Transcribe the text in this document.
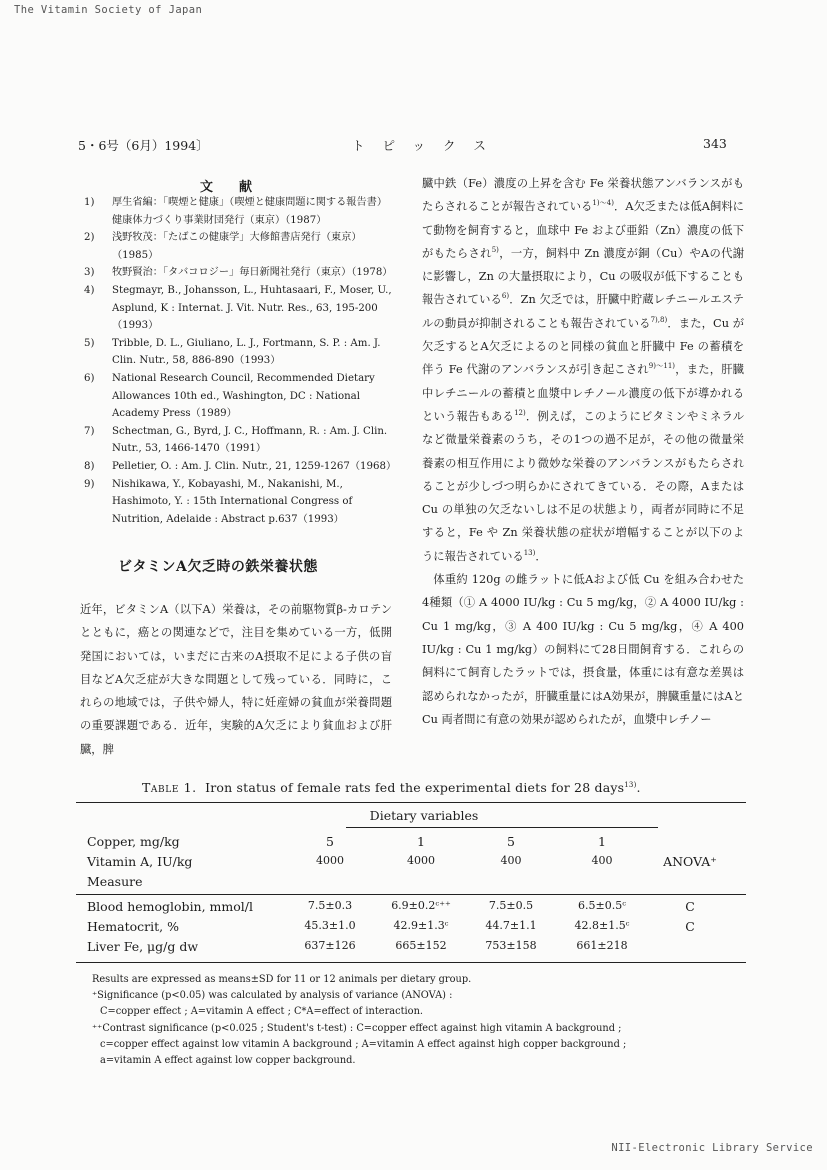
The Vitamin Society of Japan
5・6号（6月）1994〕	トピックス	343
文献
1) 厚生省編：「喫煙と健康」（喫煙と健康問題に関する報告書）健康体力づくり事業財団発行（東京）（1987）
2) 浅野牧茂：「たばこの健康学」大修館書店発行（東京）（1985）
3) 牧野賢治：「タバコロジー」毎日新聞社発行（東京）（1978）
4) Stegmayr, B., Johansson, L., Huhtasaari, F., Moser, U., Asplund, K : Internat. J. Vit. Nutr. Res., 63, 195-200（1993）
5) Tribble, D. L., Giuliano, L. J., Fortmann, S. P. : Am. J. Clin. Nutr., 58, 886-890（1993）
6) National Research Council, Recommended Dietary Allowances 10th ed., Washington, DC : National Academy Press（1989）
7) Schectman, G., Byrd, J. C., Hoffmann, R. : Am. J. Clin. Nutr., 53, 1466-1470（1991）
8) Pelletier, O. : Am. J. Clin. Nutr., 21, 1259-1267（1968）
9) Nishikawa, Y., Kobayashi, M., Nakanishi, M., Hashimoto, Y. : 15th International Congress of Nutrition, Adelaide : Abstract p.637（1993）
ビタミンA欠乏時の鉄栄養状態

近年，ビタミンA（以下A）栄養は，その前駆物質β-カロテンとともに，癌との関連などで，注目を集めている一方，低開発国においては，いまだに古来のA摂取不足による子供の盲目などA欠乏症が大きな問題として残っている．同時に，これらの地域では，子供や婦人，特に妊産婦の貧血が栄養問題の重要課題である．近年，実験的A欠乏により貧血および肝臓，脾

臓中鉄（Fe）濃度の上昇を含む Fe 栄養状態アンバランスがもたらされることが報告されている$^{1)〜4)}$．A欠乏または低A飼料にて動物を飼育すると，血球中 Fe および亜鉛（Zn）濃度の低下がもたらされ$^{5)}$，一方，飼料中 Zn 濃度が銅（Cu）やAの代謝に影響し，Zn の大量摂取により，Cu の吸収が低下することも報告されている$^{6)}$．Zn 欠乏では，肝臓中貯蔵レチニールエステルの動員が抑制されることも報告されている$^{7),8)}$．また，Cu が欠乏するとA欠乏によるのと同様の貧血と肝臓中 Fe の蓄積を伴う Fe 代謝のアンバランスが引き起こされ$^{9)〜11)}$，また，肝臓中レチニールの蓄積と血漿中レチノール濃度の低下が導かれるという報告もある$^{12)}$．例えば，このようにビタミンやミネラルなど微量栄養素のうち，その1つの過不足が，その他の微量栄養素の相互作用により微妙な栄養のアンバランスがもたらされることが少しづつ明らかにされてきている．その際，AまたはCu の単独の欠乏ないしは不足の状態より，両者が同時に不足すると，Fe や Zn 栄養状態の症状が増幅することが以下のように報告されている$^{13)}$．

体重約 120g の雌ラットに低Aおよび低 Cu を組み合わせた4種類（① A 4000 IU/kg : Cu 5 mg/kg，② A 4000 IU/kg : Cu 1 mg/kg，③ A 400 IU/kg : Cu 5 mg/kg，④ A 400 IU/kg : Cu 1 mg/kg）の飼料にて28日間飼育する．これらの飼料にて飼育したラットでは，摂食量，体重には有意な差異は認められなかったが，肝臓重量にはA効果が，脾臓重量にはAと Cu 両者間に有意の効果が認められたが，血漿中レチノー

Table 1. Iron status of female rats fed the experimental diets for 28 days$^{13)}$.
Dietary variables
Copper, mg/kg	5	1	5	1
Vitamin A, IU/kg	4000	4000	400	400	ANOVA⁺
Measure
Blood hemoglobin, mmol/l	7.5±0.3	6.9±0.2ᶜ⁺⁺	7.5±0.5	6.5±0.5ᶜ	C
Hematocrit, %	45.3±1.0	42.9±1.3ᶜ	44.7±1.1	42.8±1.5ᶜ	C
Liver Fe, μg/g dw	637±126	665±152	753±158	661±218
Results are expressed as means±SD for 11 or 12 animals per dietary group.
⁺Significance (p<0.05) was calculated by analysis of variance (ANOVA) :
C=copper effect ; A=vitamin A effect ; C*A=effect of interaction.
⁺⁺Contrast significance (p<0.025 ; Student's t-test) : C=copper effect against high vitamin A background ;
c=copper effect against low vitamin A background ; A=vitamin A effect against high copper background ;
a=vitamin A effect against low copper background.
NII-Electronic Library Service
